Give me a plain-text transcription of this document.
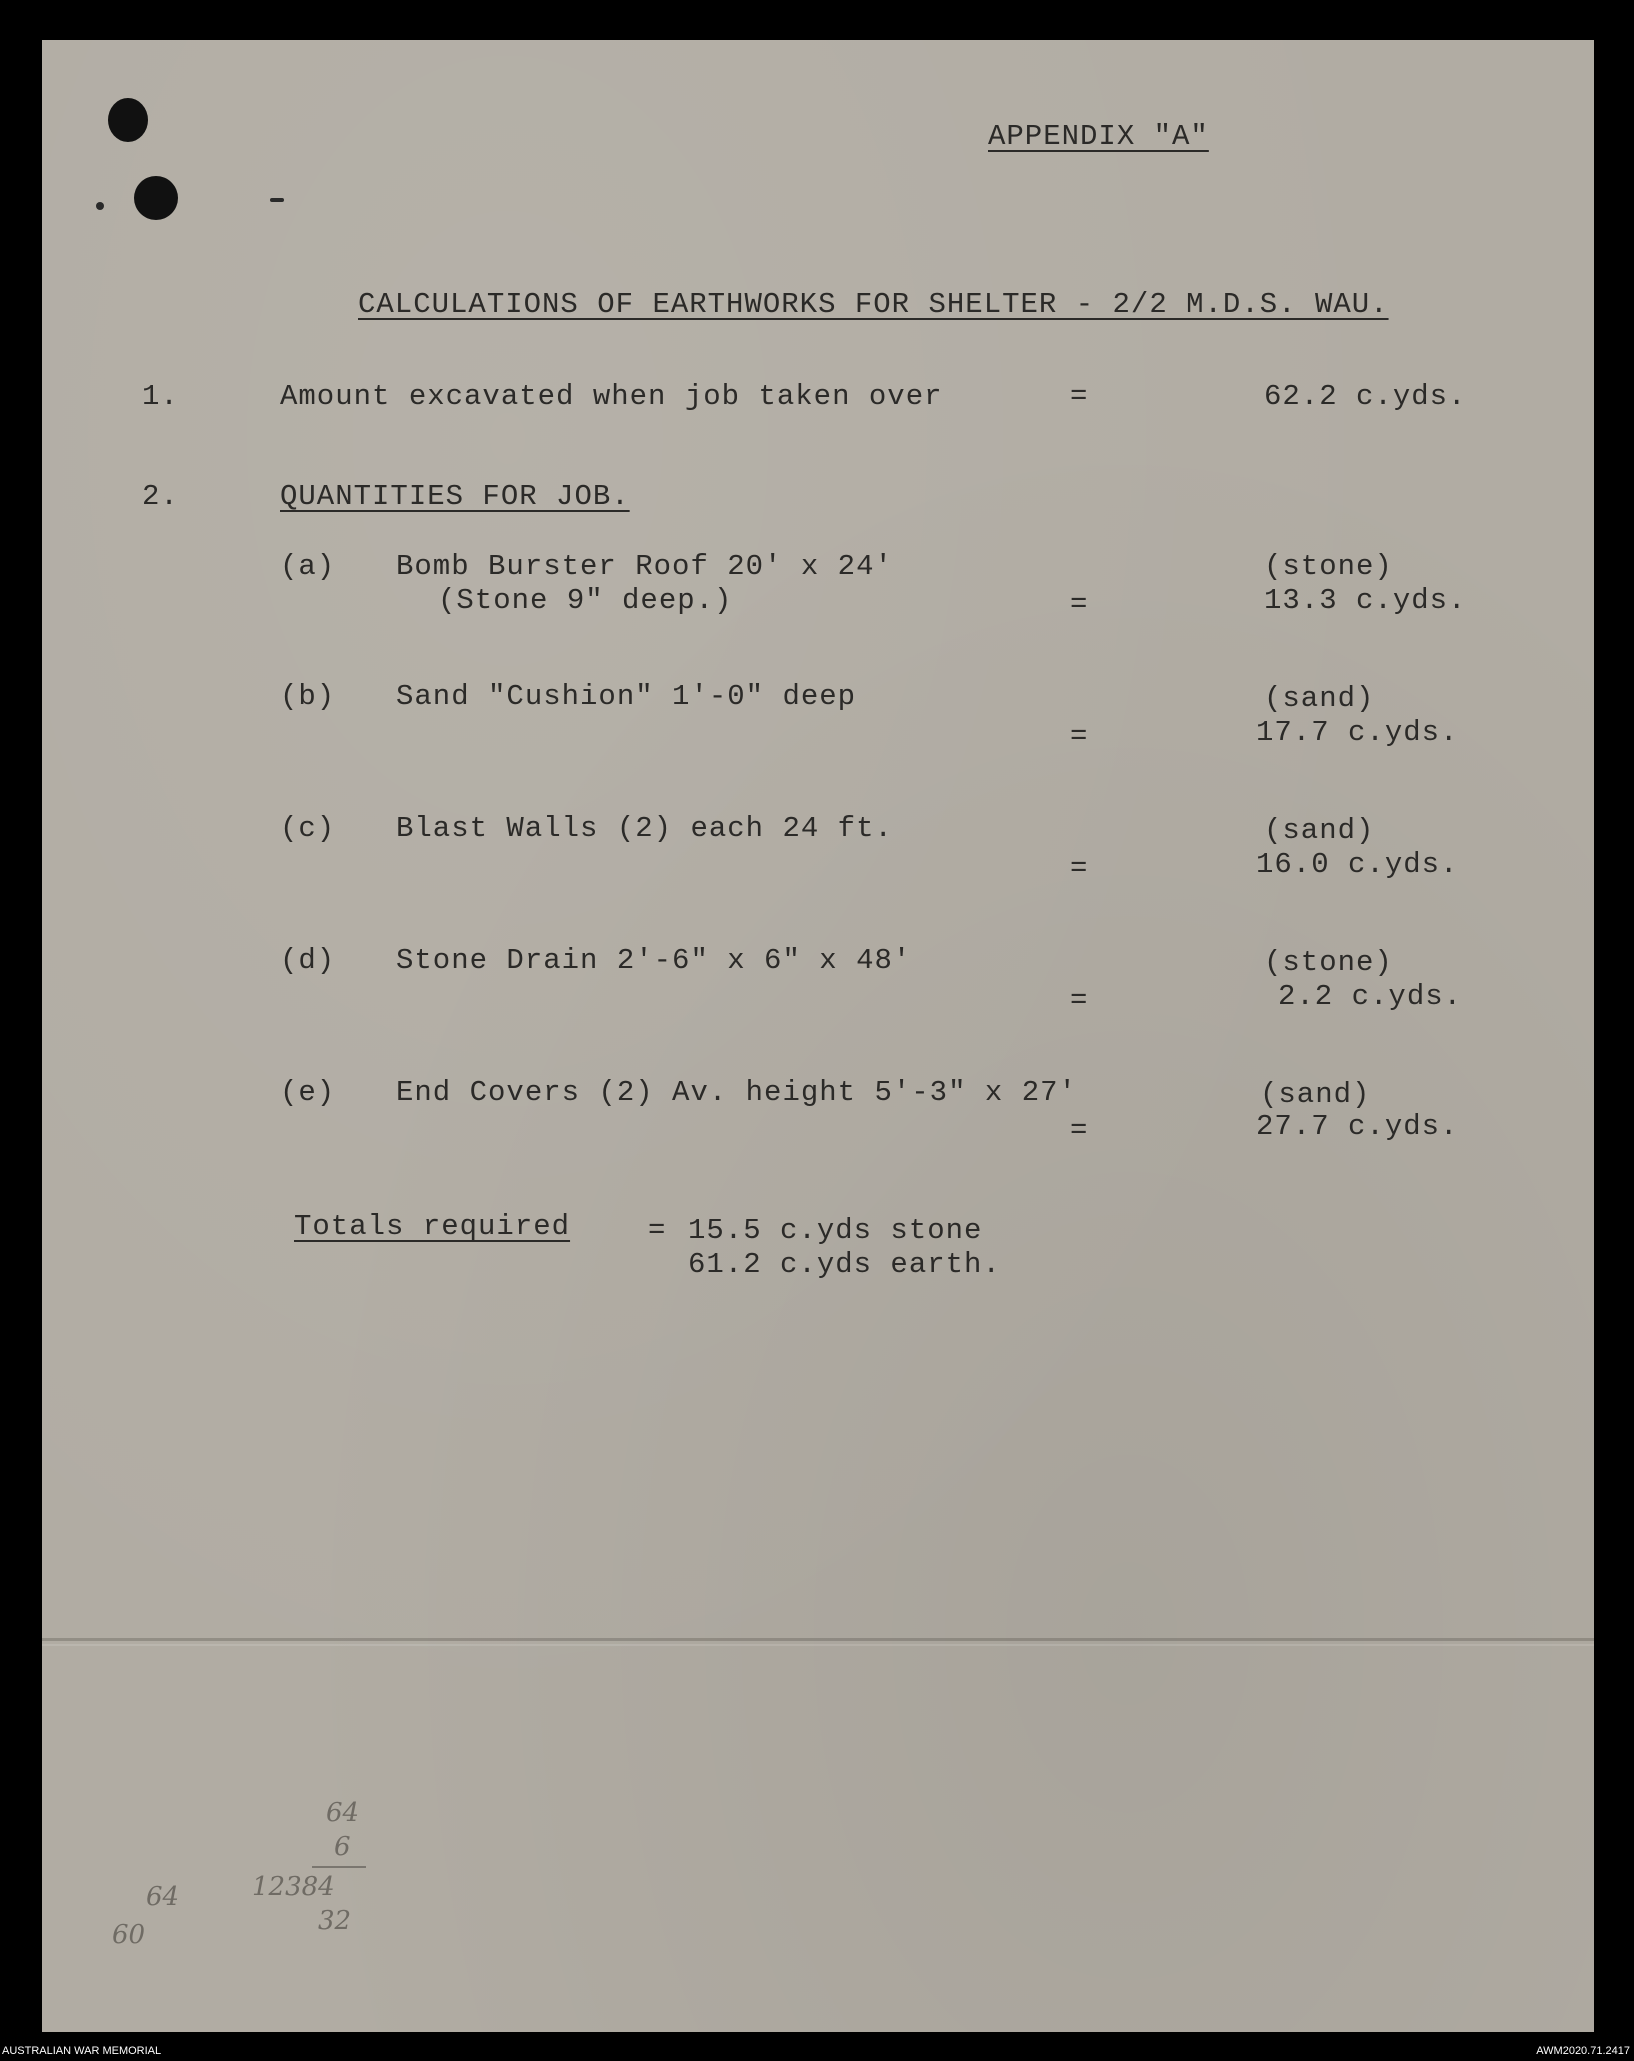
APPENDIX "A"
CALCULATIONS OF EARTHWORKS FOR SHELTER - 2/2 M.D.S. WAU.
1.	Amount excavated when job taken over	=	62.2 c.yds.
2.	QUANTITIES FOR JOB.
(a) Bomb Burster Roof 20' x 24'
(Stone 9" deep.)
(stone)
=	13.3 c.yds.
(b) Sand "Cushion" 1'-0" deep	(sand)
=	17.7 c.yds.
(c) Blast Walls (2) each 24 ft.	(sand)
=	16.0 c.yds.
(d) Stone Drain 2'-6" x 6" x 48'	(stone)
=	2.2 c.yds.
(e) End Covers (2) Av. height 5'-3" x 27'	(sand)
=	27.7 c.yds.
Totals required	= 15.5 c.yds stone
61.2 c.yds earth.
64
6
12384
32
64
60
AUSTRALIAN WAR MEMORIAL	AWM2020.71.2417
